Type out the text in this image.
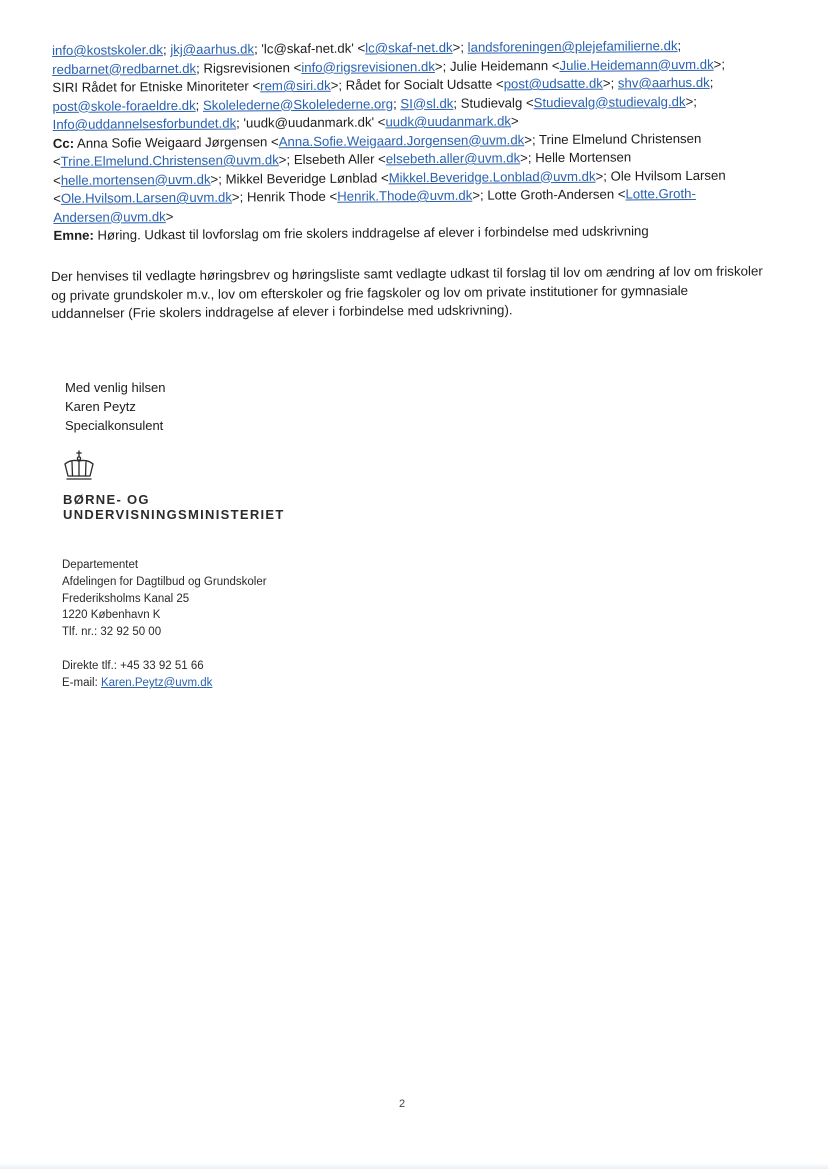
info@kostskoler.dk; jkj@aarhus.dk; 'lc@skaf-net.dk' <lc@skaf-net.dk>; landsforeningen@plejefamilierne.dk;

redbarnet@redbarnet.dk; Rigsrevisionen <info@rigsrevisionen.dk>; Julie Heidemann <Julie.Heidemann@uvm.dk>;

SIRI Rådet for Etniske Minoriteter <rem@siri.dk>; Rådet for Socialt Udsatte <post@udsatte.dk>; shv@aarhus.dk;

post@skole-foraeldre.dk; Skolelederne@Skolelederne.org; SI@sl.dk; Studievalg <Studievalg@studievalg.dk>;

Info@uddannelsesforbundet.dk; 'uudk@uudanmark.dk' <uudk@uudanmark.dk>

Cc: Anna Sofie Weigaard Jørgensen <Anna.Sofie.Weigaard.Jorgensen@uvm.dk>; Trine Elmelund Christensen

<Trine.Elmelund.Christensen@uvm.dk>; Elsebeth Aller <elsebeth.aller@uvm.dk>; Helle Mortensen

<helle.mortensen@uvm.dk>; Mikkel Beveridge Lønblad <Mikkel.Beveridge.Lonblad@uvm.dk>; Ole Hvilsom Larsen

<Ole.Hvilsom.Larsen@uvm.dk>; Henrik Thode <Henrik.Thode@uvm.dk>; Lotte Groth-Andersen <Lotte.Groth-

Andersen@uvm.dk>

Emne: Høring. Udkast til lovforslag om frie skolers inddragelse af elever i forbindelse med udskrivning

Der henvises til vedlagte høringsbrev og høringsliste samt vedlagte udkast til forslag til lov om ændring af lov om friskoler og private grundskoler m.v., lov om efterskoler og frie fagskoler og lov om private institutioner for gymnasiale uddannelser (Frie skolers inddragelse af elever i forbindelse med udskrivning).

Med venlig hilsen
Karen Peytz
Specialkonsulent
BØRNE- OG
UNDERVISNINGSMINISTERIET
Departementet
Afdelingen for Dagtilbud og Grundskoler
Frederiksholms Kanal 25
1220 København K
Tlf. nr.: 32 92 50 00
Direkte tlf.: +45 33 92 51 66
E-mail: Karen.Peytz@uvm.dk
2
